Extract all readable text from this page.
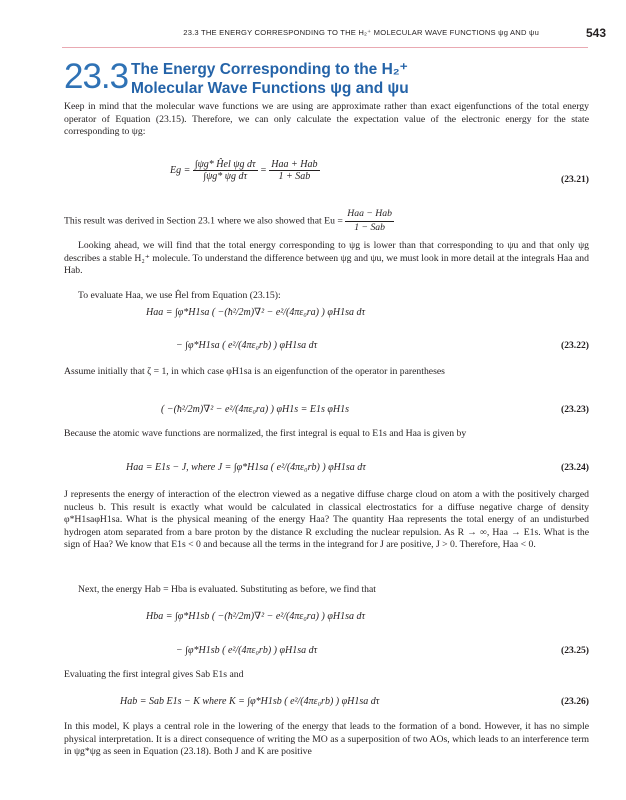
23.3 THE ENERGY CORRESPONDING TO THE H₂⁺ MOLECULAR WAVE FUNCTIONS ψg AND ψu	543
23.3 The Energy Corresponding to the H₂⁺
Molecular Wave Functions ψg and ψu
Keep in mind that the molecular wave functions we are using are approximate rather than exact eigenfunctions of the total energy operator of Equation (23.15). Therefore, we can only calculate the expectation value of the electronic energy for the state corresponding to ψg:
$Eg = \frac{\text{∫ψg* Ĥel ψg dτ}}{\text{∫ψg* ψg dτ}} = \frac{\text{Haa + Hab}}{\text{1 + Sab}}$	(23.21)
This result was derived in Section 23.1 where we also showed that $Eu = \frac{\text{Haa − Hab}}{\text{1 − Sab}}$
Looking ahead, we will find that the total energy corresponding to ψg is lower than that corresponding to ψu and that only ψg describes a stable H₂⁺ molecule. To understand the difference between ψg and ψu, we must look in more detail at the integrals Haa and Hab.
To evaluate Haa, we use Ĥel from Equation (23.15):
Haa = ∫φ*H1sa ( −(ħ²/2m)∇² − e²/(4πε₀ra) ) φH1sa dτ
− ∫φ*H1sa ( e²/(4πε₀rb) ) φH1sa dτ	(23.22)
Assume initially that ζ = 1, in which case φH1sa is an eigenfunction of the operator in parentheses
( −(ħ²/2m)∇² − e²/(4πε₀ra) ) φH1s = E1s φH1s	(23.23)
Because the atomic wave functions are normalized, the first integral is equal to E1s and Haa is given by
Haa = E1s − J, where J = ∫φ*H1sa ( e²/(4πε₀rb) ) φH1sa dτ	(23.24)
J represents the energy of interaction of the electron viewed as a negative diffuse charge cloud on atom a with the positively charged nucleus b. This result is exactly what would be calculated in classical electrostatics for a diffuse negative charge of density φ*H1saφH1sa. What is the physical meaning of the energy Haa? The quantity Haa represents the total energy of an undisturbed hydrogen atom separated from a bare proton by the distance R excluding the nuclear repulsion. As R → ∞, Haa → E1s. What is the sign of Haa? We know that E1s < 0 and because all the terms in the integrand for J are positive, J > 0. Therefore, Haa < 0.
Next, the energy Hab = Hba is evaluated. Substituting as before, we find that
Hba = ∫φ*H1sb ( −(ħ²/2m)∇² − e²/(4πε₀ra) ) φH1sa dτ
− ∫φ*H1sb ( e²/(4πε₀rb) ) φH1sa dτ	(23.25)
Evaluating the first integral gives Sab E1s and
Hab = Sab E1s − K where K = ∫φ*H1sb ( e²/(4πε₀rb) ) φH1sa dτ	(23.26)
In this model, K plays a central role in the lowering of the energy that leads to the formation of a bond. However, it has no simple physical interpretation. It is a direct consequence of writing the MO as a superposition of two AOs, which leads to an interference term in ψg*ψg as seen in Equation (23.18). Both J and K are positive
